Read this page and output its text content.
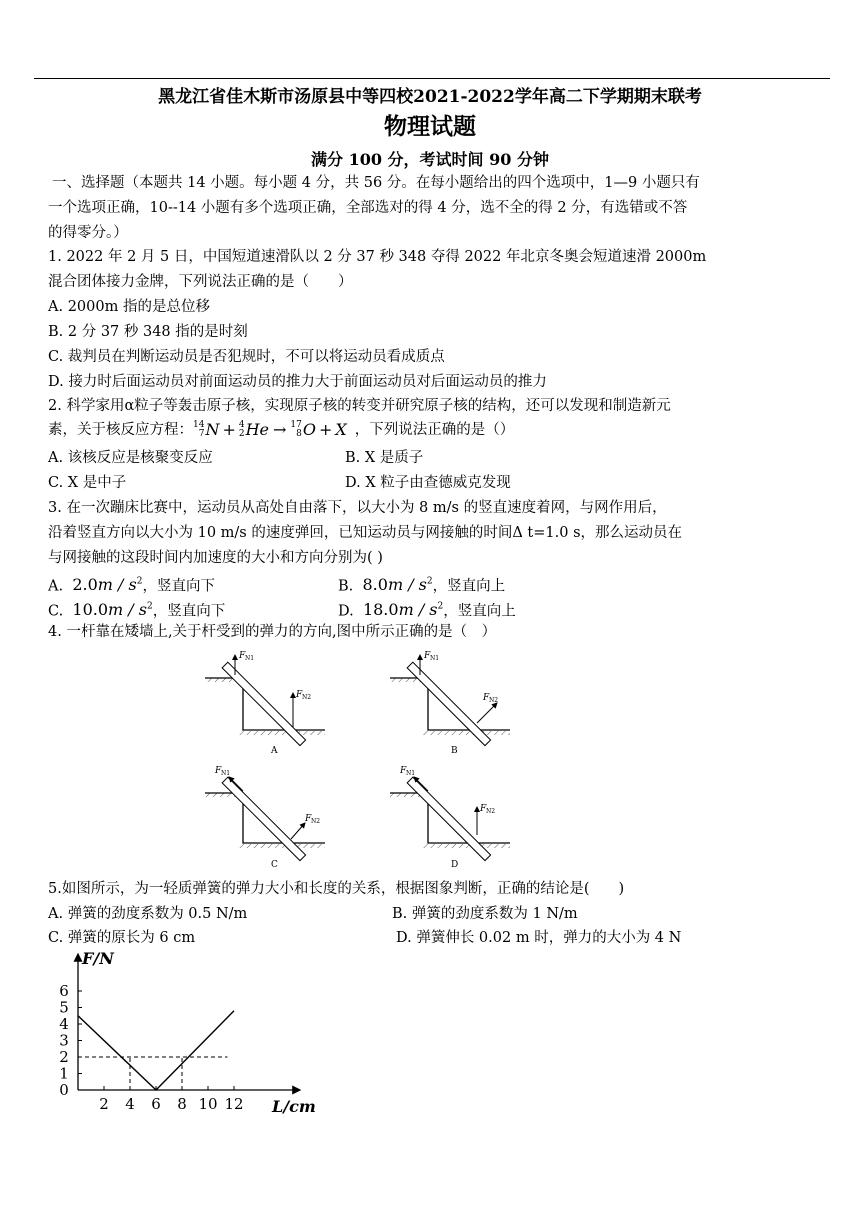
黑龙江省佳木斯市汤原县中等四校2021-2022学年高二下学期期末联考
物理试题
满分 100 分，考试时间 90 分钟
一、选择题（本题共 14 小题。每小题 4 分，共 56 分。在每小题给出的四个选项中，1—9 小题只有
一个选项正确，10--14 小题有多个选项正确，全部选对的得 4 分，选不全的得 2 分，有选错或不答
的得零分。）
1. 2022 年 2 月 5 日，中国短道速滑队以 2 分 37 秒 348 夺得 2022 年北京冬奥会短道速滑 2000m
混合团体接力金牌，下列说法正确的是（　　）
A. 2000m 指的是总位移
B. 2 分 37 秒 348 指的是时刻
C. 裁判员在判断运动员是否犯规时，不可以将运动员看成质点
D. 接力时后面运动员对前面运动员的推力大于前面运动员对后面运动员的推力
2. 科学家用α粒子等轰击原子核，实现原子核的转变并研究原子核的结构，还可以发现和制造新元
素，关于核反应方程： 14
7 N + 4
2 He → 17
8 O + X ，下列说法正确的是（）
A. 该核反应是核聚变反应	B. X 是质子
C. X 是中子	D. X 粒子由查德威克发现
3. 在一次蹦床比赛中，运动员从高处自由落下，以大小为 8 m/s 的竖直速度着网，与网作用后，
沿着竖直方向以大小为 10 m/s 的速度弹回，已知运动员与网接触的时间Δ t=1.0 s，那么运动员在
与网接触的这段时间内加速度的大小和方向分别为( )
A. $2.0m / s^2$，竖直向下	B. $8.0m / s^2$，竖直向上
C. $10.0m / s^2$，竖直向下	D. $18.0m / s^2$，竖直向上
4. 一杆靠在矮墙上,关于杆受到的弹力的方向,图中所示正确的是（　）
F N1
F N2
A
F N1
F N2
B
F N1
F N2
C
F N1
F N2
D
5.如图所示，为一轻质弹簧的弹力大小和长度的关系，根据图象判断，正确的结论是(　　)
A. 弹簧的劲度系数为 0.5 N/m	B. 弹簧的劲度系数为 1 N/m
C. 弹簧的原长为 6 cm	D. 弹簧伸长 0.02 m 时，弹力的大小为 4 N
F/N
L/cm
0
1
2
3
4
5
6
2 4 6 8 10 12
